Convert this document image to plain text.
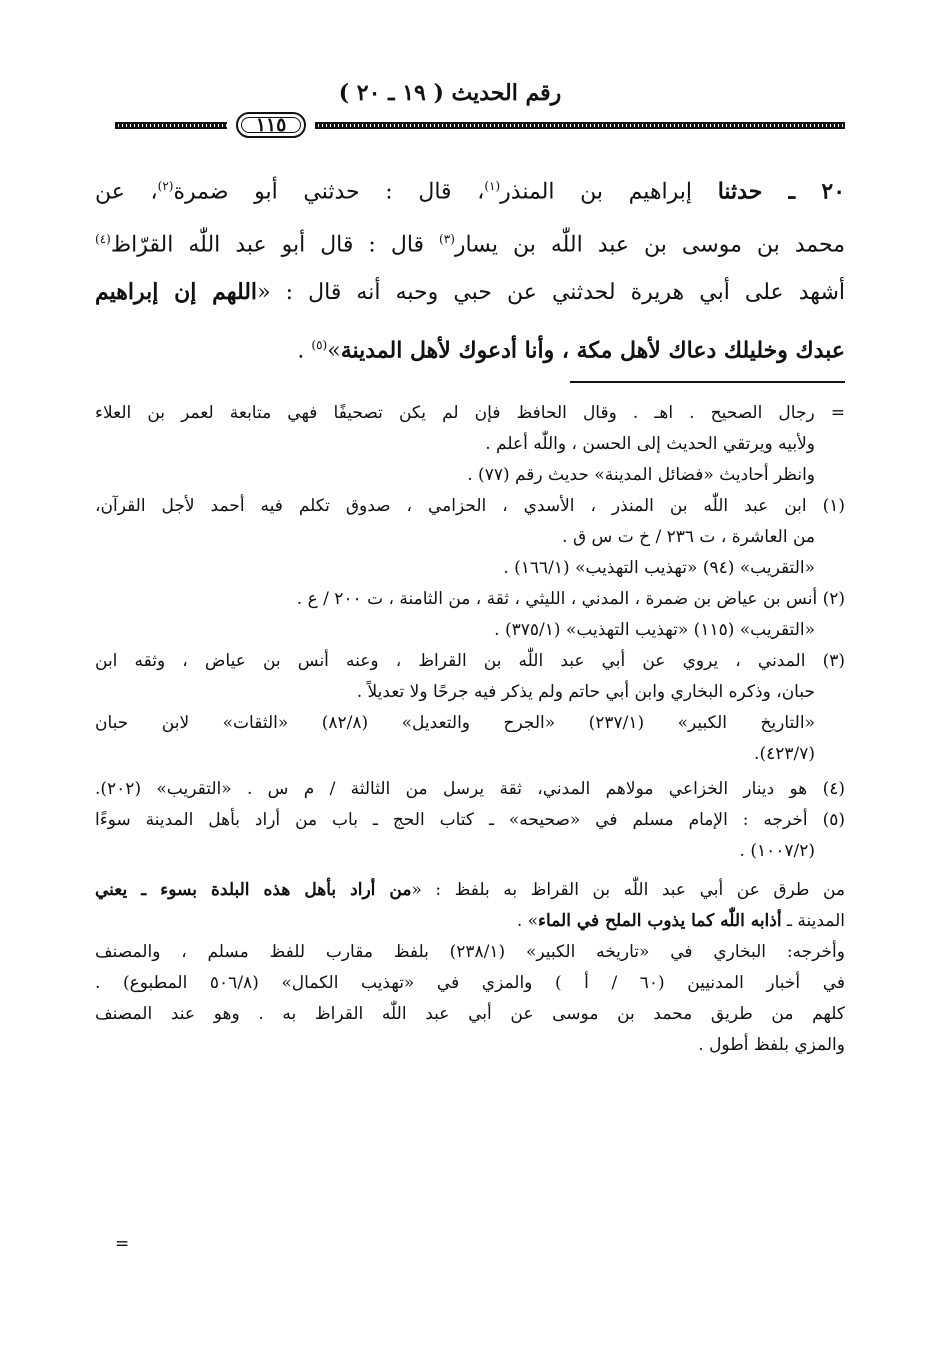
رقم الحديث ( ١٩ ـ ٢٠ )
١١٥
٢٠ ـ حدثنا إبراهيم بن المنذر$^{(١)}$، قال : حدثني أبو ضمرة$^{(٢)}$، عن
محمد بن موسى بن عبد اللّٰه بن يسار$^{(٣)}$ قال : قال أبو عبد اللّٰه القرّاظ$^{(٤)}$
أشهد على أبي هريرة لحدثني عن حبي وحبه أنه قال : «اللهم إن إبراهيم
عبدك وخليلك دعاك لأهل مكة ، وأنا أدعوك لأهل المدينة»$^{(٥)}$ .
= رجال الصحيح . اهـ . وقال الحافظ فإن لم يكن تصحيفًا فهي متابعة لعمر بن العلاء
ولأبيه ويرتقي الحديث إلى الحسن ، واللّٰه أعلم .
وانظر أحاديث «فضائل المدينة» حديث رقم (٧٧) .
(١) ابن عبد اللّٰه بن المنذر ، الأسدي ، الحزامي ، صدوق تكلم فيه أحمد لأجل القرآن،
من العاشرة ، ت ٢٣٦ / خ ت س ق .
«التقريب» (٩٤) «تهذيب التهذيب» (١٦٦/١) .
(٢) أنس بن عياض بن ضمرة ، المدني ، الليثي ، ثقة ، من الثامنة ، ت ٢٠٠ / ع .
«التقريب» (١١٥) «تهذيب التهذيب» (٣٧٥/١) .
(٣) المدني ، يروي عن أبي عبد اللّٰه بن القراظ ، وعنه أنس بن عياض ، وثقه ابن
حبان، وذكره البخاري وابن أبي حاتم ولم يذكر فيه جرحًا ولا تعديلاً .
«التاريخ الكبير» (٢٣٧/١) «الجرح والتعديل» (٨٢/٨) «الثقات» لابن حبان
(٤٢٣/٧).
(٤) هو دينار الخزاعي مولاهم المدني، ثقة يرسل من الثالثة / م س . «التقريب» (٢٠٢).
(٥) أخرجه : الإمام مسلم في «صحيحه» ـ كتاب الحج ـ باب من أراد بأهل المدينة سوءًا
(١٠٠٧/٢) .
من طرق عن أبي عبد اللّٰه بن القراظ به بلفظ : «من أراد بأهل هذه البلدة بسوء ـ يعني
المدينة ـ أذابه اللّٰه كما يذوب الملح في الماء» .
وأخرجه: البخاري في «تاريخه الكبير» (٢٣٨/١) بلفظ مقارب للفظ مسلم ، والمصنف
في أخبار المدنيين (٦٠ / أ ) والمزي في «تهذيب الكمال» (٥٠٦/٨ المطبوع) .
كلهم من طريق محمد بن موسى عن أبي عبد اللّٰه القراظ به . وهو عند المصنف
والمزي بلفظ أطول .
=
